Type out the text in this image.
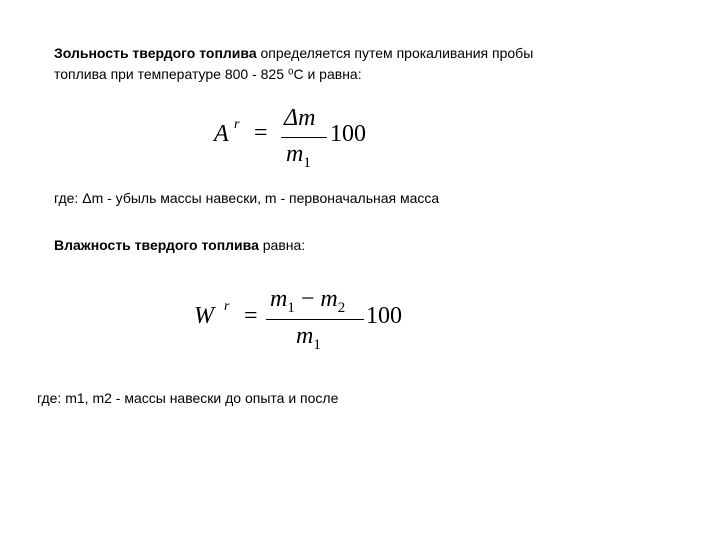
Зольность твердого топлива определяется путем прокаливания пробы
топлива при температуре 800 - 825 ⁰С и равна:

A r =
Δm
$m_1$
100

где: Δm - убыль массы навески, m - первоначальная масса

Влажность твердого топлива равна:

W r =
$m_1 - m_2$
$m_1$
100

где: m1, m2 - массы навески до опыта и после
